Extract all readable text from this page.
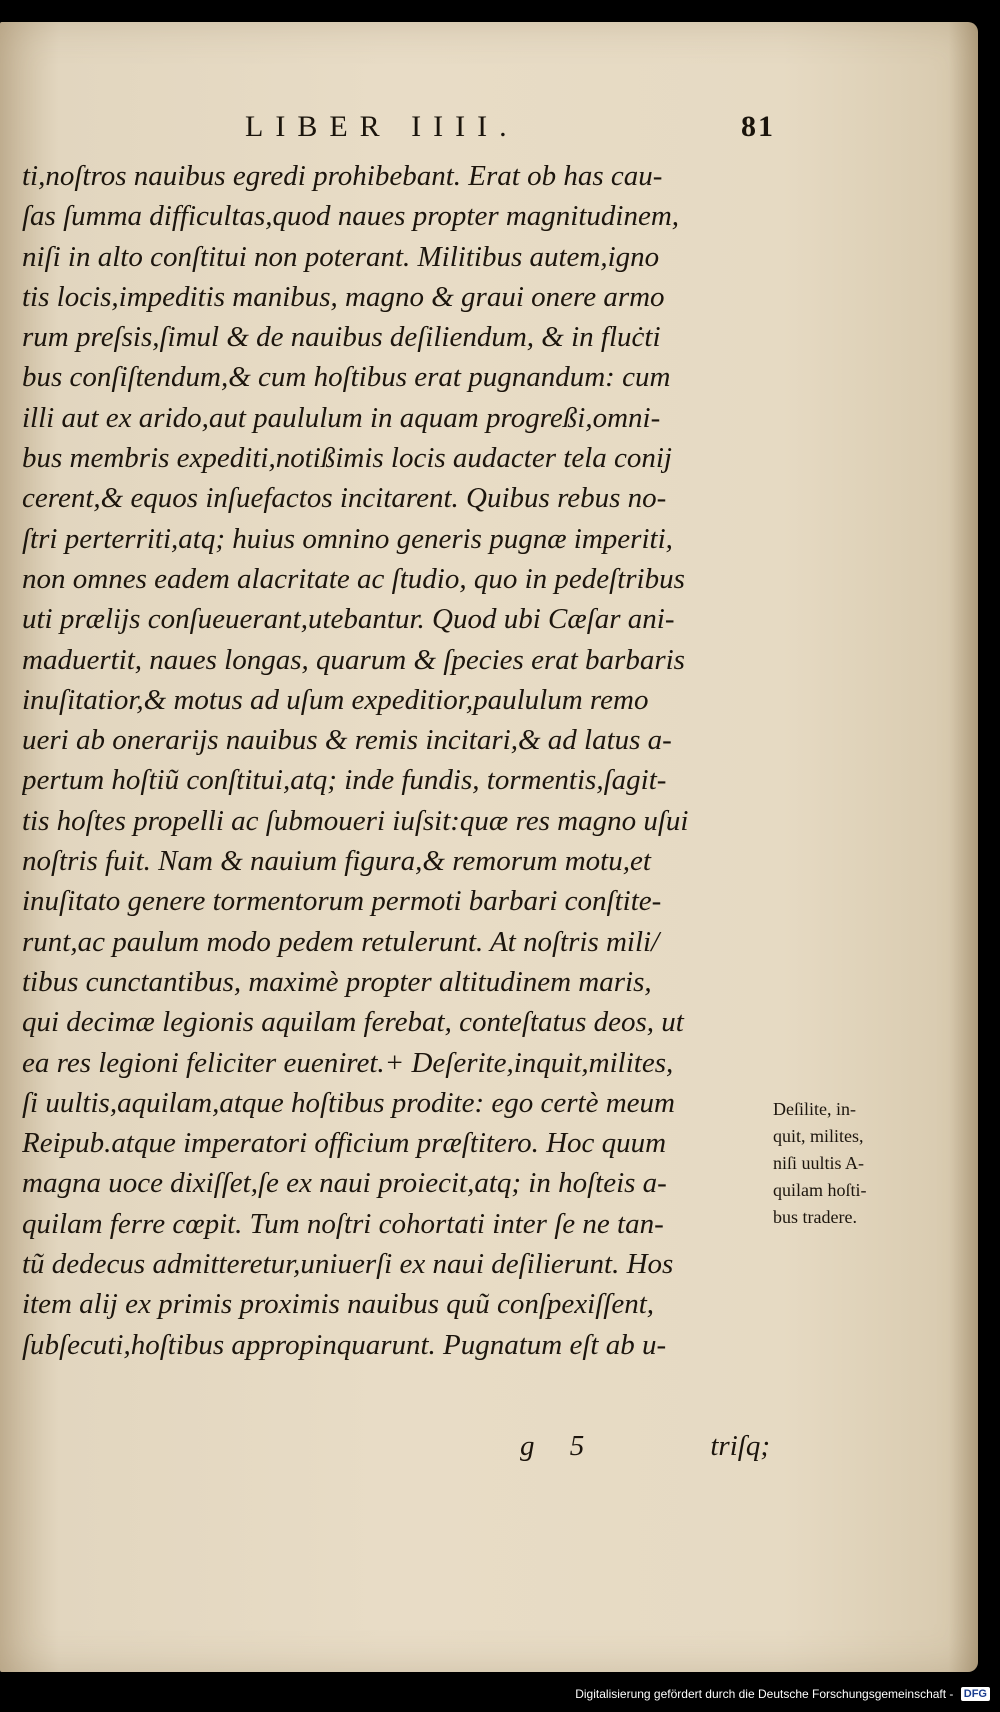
LIBER IIII.	81
ti,noſtros nauibus egredi prohibebant. Erat ob has cau-
ſas ſumma difficultas,quod naues propter magnitudinem,
niſi in alto conſtitui non poterant. Militibus autem,igno
tis locis,impeditis manibus, magno & graui onere armo
rum preſsis,ſimul & de nauibus deſiliendum, & in fluċti
bus conſiſtendum,& cum hoſtibus erat pugnandum: cum
illi aut ex arido,aut paululum in aquam progreßi,omni-
bus membris expediti,notißimis locis audacter tela conij
cerent,& equos inſuefactos incitarent. Quibus rebus no-
ſtri perterriti,atq; huius omnino generis pugnæ imperiti,
non omnes eadem alacritate ac ſtudio, quo in pedeſtribus
uti prælijs conſueuerant,utebantur. Quod ubi Cæſar ani-
maduertit, naues longas, quarum & ſpecies erat barbaris
inuſitatior,& motus ad uſum expeditior,paululum remo
ueri ab onerarijs nauibus & remis incitari,& ad latus a-
pertum hoſtiũ conſtitui,atq; inde fundis, tormentis,ſagit-
tis hoſtes propelli ac ſubmoueri iuſsit:quæ res magno uſui
noſtris fuit. Nam & nauium figura,& remorum motu,et
inuſitato genere tormentorum permoti barbari conſtite-
runt,ac paulum modo pedem retulerunt. At noſtris mili/
tibus cunctantibus, maximè propter altitudinem maris,
qui decimæ legionis aquilam ferebat, conteſtatus deos, ut
ea res legioni feliciter eueniret.+ Deſerite,inquit,milites,
ſi uultis,aquilam,atque hoſtibus prodite: ego certè meum
Reipub.atque imperatori officium præſtitero. Hoc quum
magna uoce dixiſſet,ſe ex naui proiecit,atq; in hoſteis a-
quilam ferre cœpit. Tum noſtri cohortati inter ſe ne tan-
tũ dedecus admitteretur,uniuerſi ex naui deſilierunt. Hos
item alij ex primis proximis nauibus quũ conſpexiſſent,
ſubſecuti,hoſtibus appropinquarunt. Pugnatum eſt ab u-
g 5	triſq;
Deſilite, in-
quit, milites,
niſi uultis A-
quilam hoſti-
bus tradere.
Digitalisierung gefördert durch die Deutsche Forschungsgemeinschaft - DFG
